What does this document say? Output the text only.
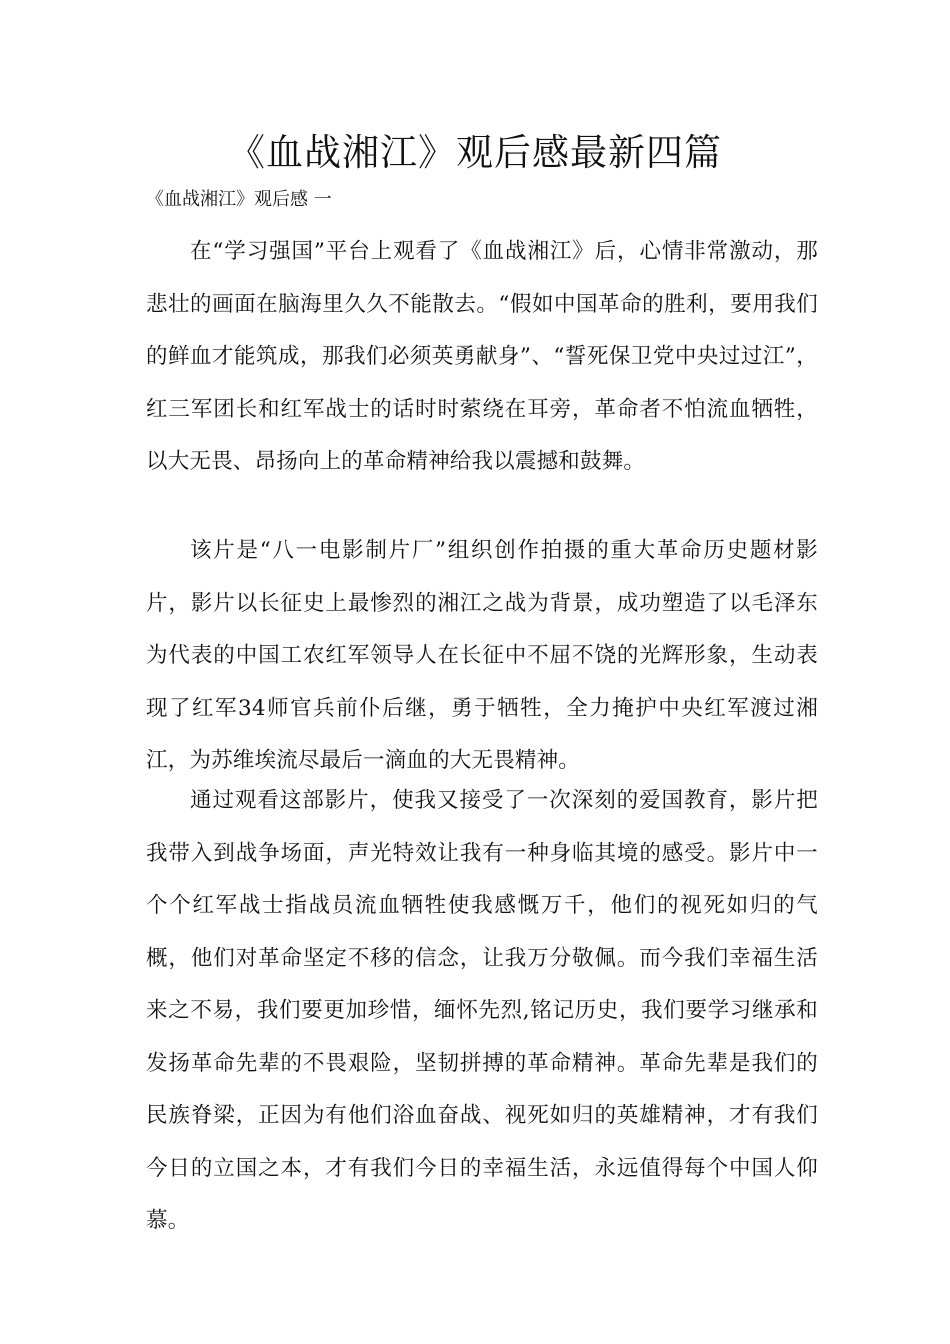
《血战湘江》观后感最新四篇
《血战湘江》观后感 一

在“学习强国”平台上观看了《血战湘江》后，心情非常激动，那悲壮的画面在脑海里久久不能散去。“假如中国革命的胜利，要用我们的鲜血才能筑成，那我们必须英勇献身”、“誓死保卫党中央过过江”，红三军团长和红军战士的话时时萦绕在耳旁，革命者不怕流血牺牲，以大无畏、昂扬向上的革命精神给我以震撼和鼓舞。

该片是“八一电影制片厂”组织创作拍摄的重大革命历史题材影片，影片以长征史上最惨烈的湘江之战为背景，成功塑造了以毛泽东为代表的中国工农红军领导人在长征中不屈不饶的光辉形象，生动表现了红军34师官兵前仆后继，勇于牺牲，全力掩护中央红军渡过湘江，为苏维埃流尽最后一滴血的大无畏精神。

通过观看这部影片，使我又接受了一次深刻的爱国教育，影片把我带入到战争场面，声光特效让我有一种身临其境的感受。影片中一个个红军战士指战员流血牺牲使我感慨万千，他们的视死如归的气概，他们对革命坚定不移的信念，让我万分敬佩。而今我们幸福生活来之不易，我们要更加珍惜，缅怀先烈,铭记历史，我们要学习继承和发扬革命先辈的不畏艰险，坚韧拼搏的革命精神。革命先辈是我们的民族脊梁，正因为有他们浴血奋战、视死如归的英雄精神，才有我们今日的立国之本，才有我们今日的幸福生活，永远值得每个中国人仰慕。
